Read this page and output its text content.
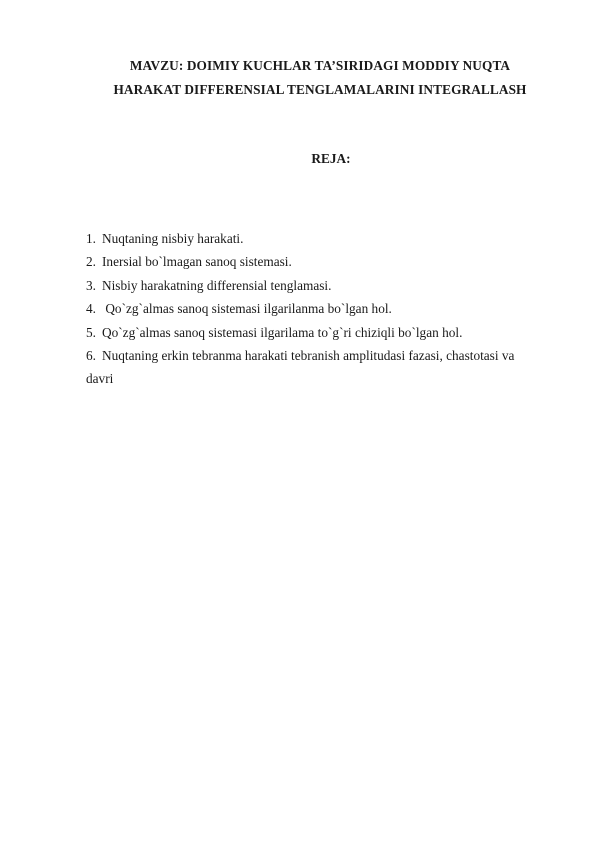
MAVZU: DOIMIY KUCHLAR TA’SIRIDAGI MODDIY NUQTA
HARAKAT DIFFERENSIAL TENGLAMALARINI INTEGRALLASH
REJA:
1. Nuqtaning nisbiy harakati.
2. Inersial bo`lmagan sanoq sistemasi.
3. Nisbiy harakatning differensial tenglamasi.
4. Qo`zg`almas sanoq sistemasi ilgarilanma bo`lgan hol.
5. Qo`zg`almas sanoq sistemasi ilgarilama to`g`ri chiziqli bo`lgan hol.
6. Nuqtaning erkin tebranma harakati tebranish amplitudasi fazasi, chastotasi va
davri
